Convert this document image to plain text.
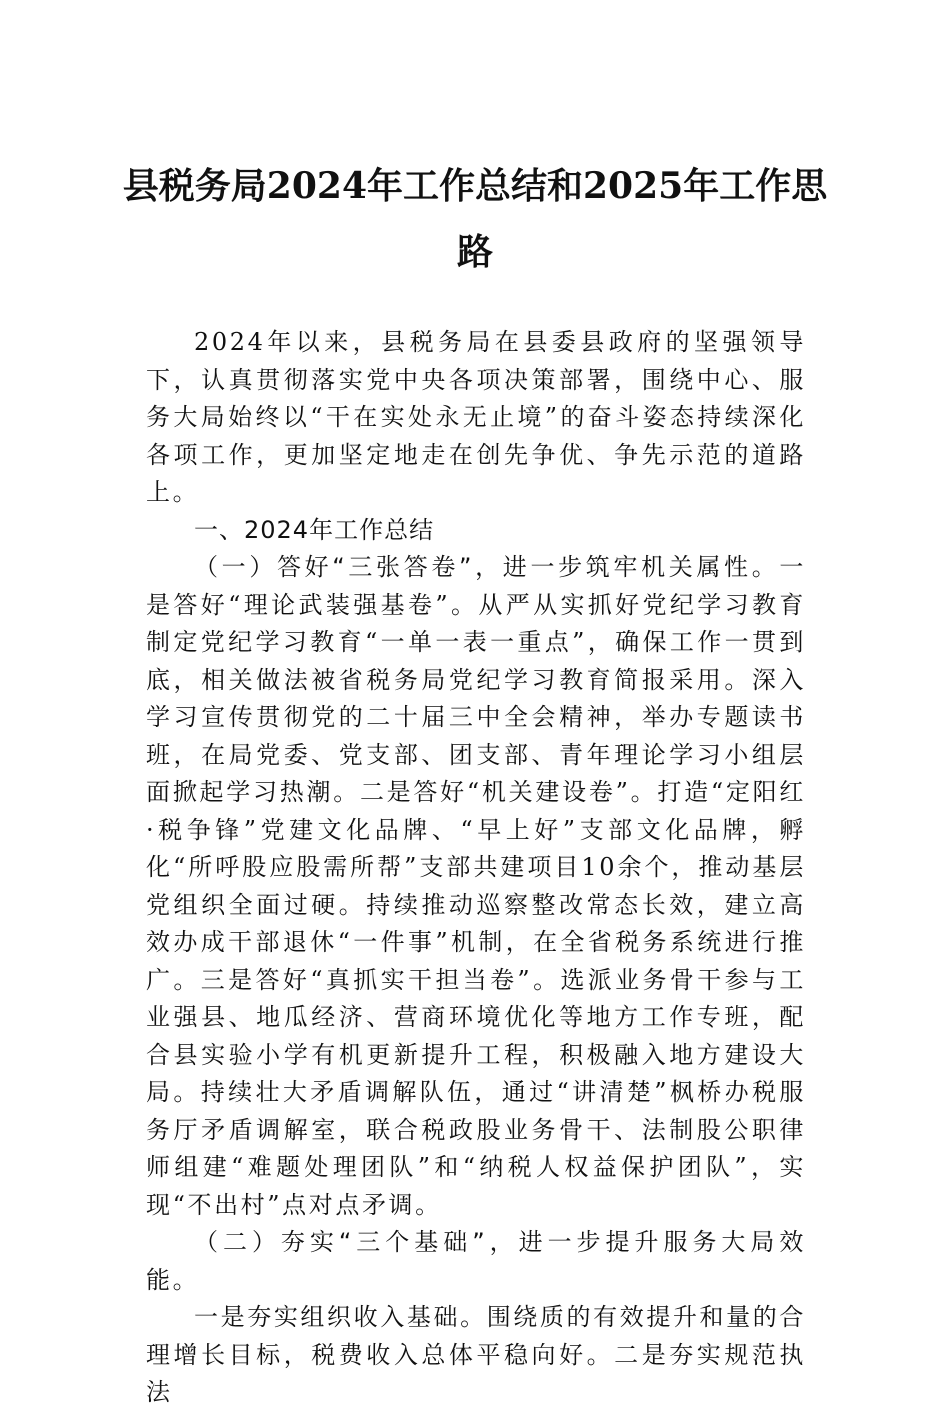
县税务局2024年工作总结和2025年工作思
路

2024年以来，县税务局在县委县政府的坚强领导下，认真贯彻落实党中央各项决策部署，围绕中心、服务大局始终以“干在实处永无止境”的奋斗姿态持续深化各项工作，更加坚定地走在创先争优、争先示范的道路上。

一、2024年工作总结

（一）答好“三张答卷”，进一步筑牢机关属性。一是答好“理论武装强基卷”。从严从实抓好党纪学习教育制定党纪学习教育“一单一表一重点”，确保工作一贯到底，相关做法被省税务局党纪学习教育简报采用。深入学习宣传贯彻党的二十届三中全会精神，举办专题读书班，在局党委、党支部、团支部、青年理论学习小组层面掀起学习热潮。二是答好“机关建设卷”。打造“定阳红·税争锋”党建文化品牌、“早上好”支部文化品牌，孵化“所呼股应股需所帮”支部共建项目10余个，推动基层党组织全面过硬。持续推动巡察整改常态长效，建立高效办成干部退休“一件事”机制，在全省税务系统进行推广。三是答好“真抓实干担当卷”。选派业务骨干参与工业强县、地瓜经济、营商环境优化等地方工作专班，配合县实验小学有机更新提升工程，积极融入地方建设大局。持续壮大矛盾调解队伍，通过“讲清楚”枫桥办税服务厅矛盾调解室，联合税政股业务骨干、法制股公职律师组建“难题处理团队”和“纳税人权益保护团队”，实现“不出村”点对点矛调。

（二）夯实“三个基础”，进一步提升服务大局效能。

一是夯实组织收入基础。围绕质的有效提升和量的合理增长目标，税费收入总体平稳向好。二是夯实规范执法
